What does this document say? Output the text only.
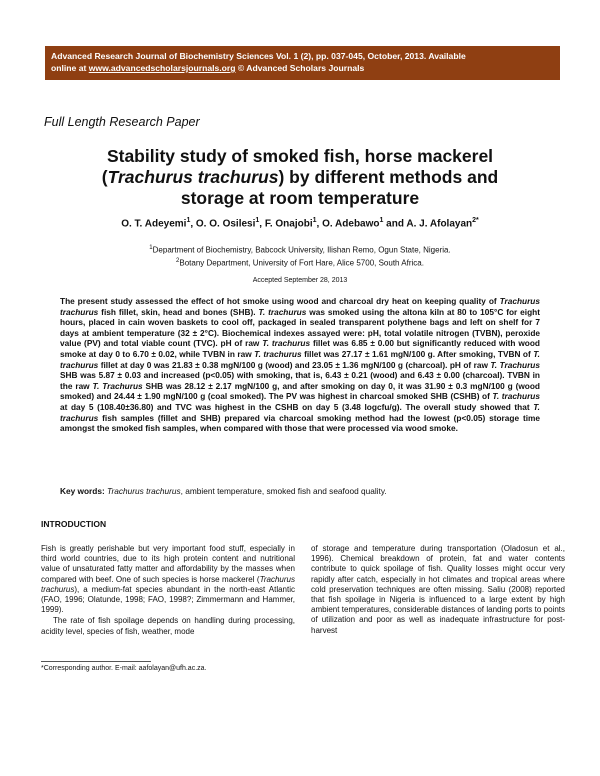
Advanced Research Journal of Biochemistry Sciences Vol. 1 (2), pp. 037-045, October, 2013. Available
online at www.advancedscholarsjournals.org © Advanced Scholars Journals
Full Length Research Paper
Stability study of smoked fish, horse mackerel
(Trachurus trachurus) by different methods and
storage at room temperature
O. T. Adeyemi$^1$, O. O. Osilesi$^1$, F. Onajobi$^1$, O. Adebawo$^1$ and A. J. Afolayan$^{2*}$
$^1$Department of Biochemistry, Babcock University, Ilishan Remo, Ogun State, Nigeria.
$^2$Botany Department, University of Fort Hare, Alice 5700, South Africa.
Accepted September 28, 2013
The present study assessed the effect of hot smoke using wood and charcoal dry heat on keeping quality of Trachurus trachurus fish fillet, skin, head and bones (SHB). T. trachurus was smoked using the altona kiln at 80 to 105°C for eight hours, placed in cain woven baskets to cool off, packaged in sealed transparent polythene bags and left on shelf for 7 days at ambient temperature (32 ± 2°C). Biochemical indexes assayed were: pH, total volatile nitrogen (TVBN), peroxide value (PV) and total viable count (TVC). pH of raw T. trachurus fillet was 6.85 ± 0.00 but significantly reduced with wood smoke at day 0 to 6.70 ± 0.02, while TVBN in raw T. trachurus fillet was 27.17 ± 1.61 mgN/100 g. After smoking, TVBN of T. trachurus fillet at day 0 was 21.83 ± 0.38 mgN/100 g (wood) and 23.05 ± 1.36 mgN/100 g (charcoal). pH of raw T. Trachurus SHB was 5.87 ± 0.03 and increased (p<0.05) with smoking, that is, 6.43 ± 0.21 (wood) and 6.43 ± 0.00 (charcoal). TVBN in the raw T. Trachurus SHB was 28.12 ± 2.17 mgN/100 g, and after smoking on day 0, it was 31.90 ± 0.3 mgN/100 g (wood smoked) and 24.44 ± 1.90 mgN/100 g (coal smoked). The PV was highest in charcoal smoked SHB (CSHB) of T. trachurus at day 5 (108.40±36.80) and TVC was highest in the CSHB on day 5 (3.48 logcfu/g). The overall study showed that T. trachurus fish samples (fillet and SHB) prepared via charcoal smoking method had the lowest (p<0.05) storage time amongst the smoked fish samples, when compared with those that were processed via wood smoke.
Key words: Trachurus trachurus, ambient temperature, smoked fish and seafood quality.
INTRODUCTION

Fish is greatly perishable but very important food stuff, especially in third world countries, due to its high protein content and nutritional value of unsaturated fatty matter and affordability by the masses when compared with beef. One of such species is horse mackerel (Trachurus trachurus), a medium-fat species abundant in the north-east Atlantic (FAO, 1996; Olatunde, 1998; FAO, 1998?; Zimmermann and Hammer, 1999).

The rate of fish spoilage depends on handling during processing, acidity level, species of fish, weather, mode

of storage and temperature during transportation (Oladosun et al., 1996). Chemical breakdown of protein, fat and water contents contribute to quick spoilage of fish. Quality losses might occur very rapidly after catch, especially in hot climates and tropical areas where cold preservation techniques are often missing. Saliu (2008) reported that fish spoilage in Nigeria is influenced to a large extent by high ambient temperatures, considerable distances of landing ports to points of utilization and poor as well as inadequate infrastructure for post-harvest

*Corresponding author. E-mail: aafolayan@ufh.ac.za.
